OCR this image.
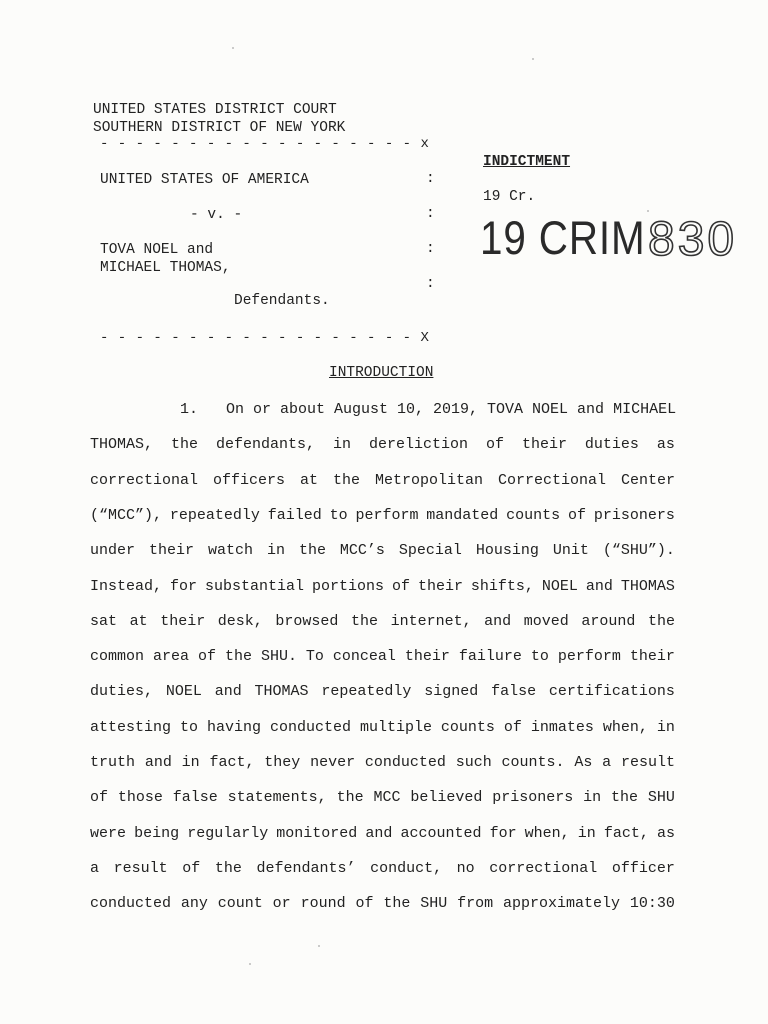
UNITED STATES DISTRICT COURT
SOUTHERN DISTRICT OF NEW YORK
- - - - - - - - - - - - - - - - - - x
UNITED STATES OF AMERICA
- v. -
TOVA NOEL and
MICHAEL THOMAS,
Defendants.
:
:
:
:
- - - - - - - - - - - - - - - - - - X
INDICTMENT
19 Cr.
19 CRIM 830
INTRODUCTION
1. On or about August 10, 2019, TOVA NOEL and MICHAEL
THOMAS, the defendants, in dereliction of their duties as
correctional officers at the Metropolitan Correctional Center
(“MCC”), repeatedly failed to perform mandated counts of prisoners
under their watch in the MCC’s Special Housing Unit (“SHU”).
Instead, for substantial portions of their shifts, NOEL and THOMAS
sat at their desk, browsed the internet, and moved around the
common area of the SHU. To conceal their failure to perform their
duties, NOEL and THOMAS repeatedly signed false certifications
attesting to having conducted multiple counts of inmates when, in
truth and in fact, they never conducted such counts. As a result
of those false statements, the MCC believed prisoners in the SHU
were being regularly monitored and accounted for when, in fact, as
a result of the defendants’ conduct, no correctional officer
conducted any count or round of the SHU from approximately 10:30
